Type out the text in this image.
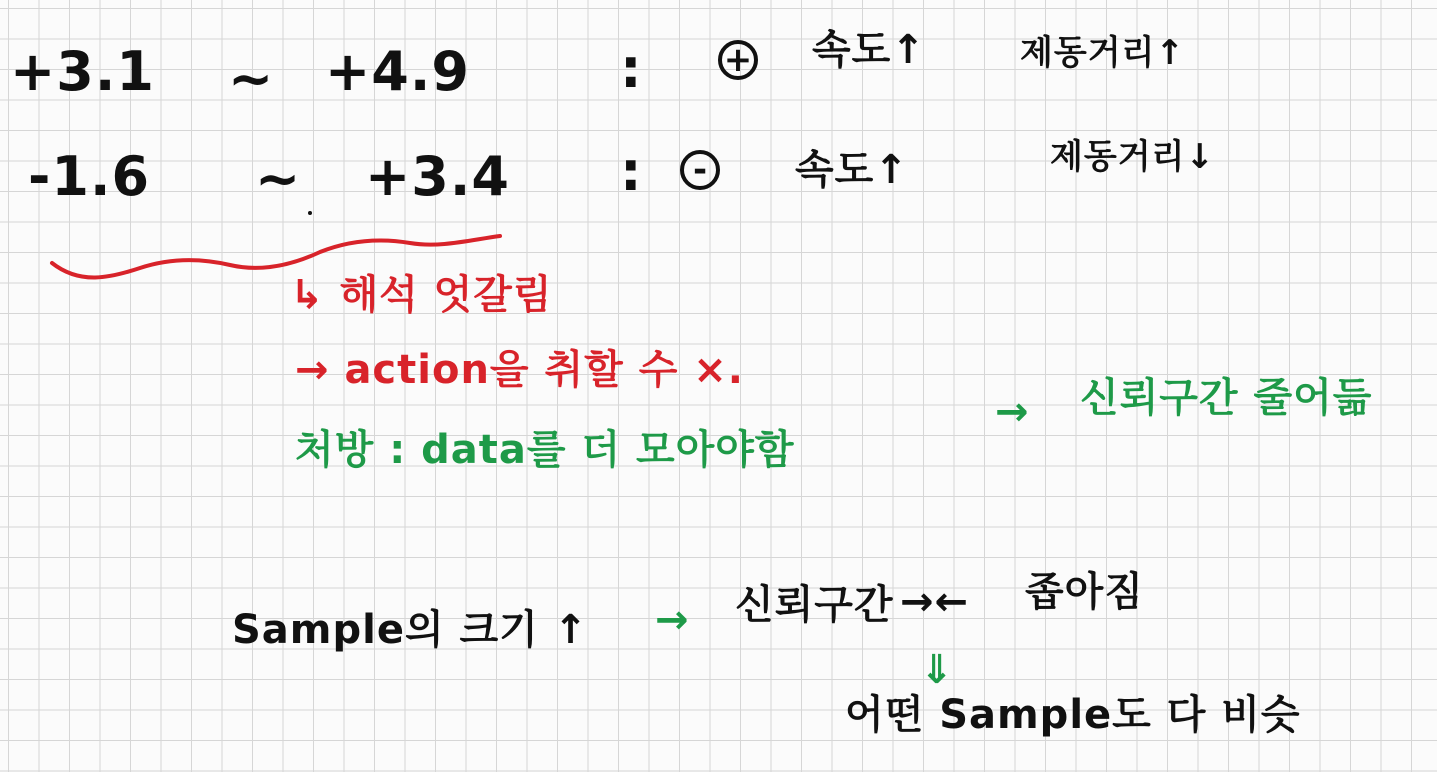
+3.1 ~ +4.9	: + 속도↑	제동거리↑
-1.6 ~ +3.4 :	-	속도↑	제동거리↓
↳ 해석 엇갈림
→ action을 취할 수 ×.
처방 : data를 더 모아야함
→ 신뢰구간 줄어듦
Sample의 크기 ↑ → 신뢰구간 →← 좁아짐
⇓
어떤 Sample도 다 비슷
